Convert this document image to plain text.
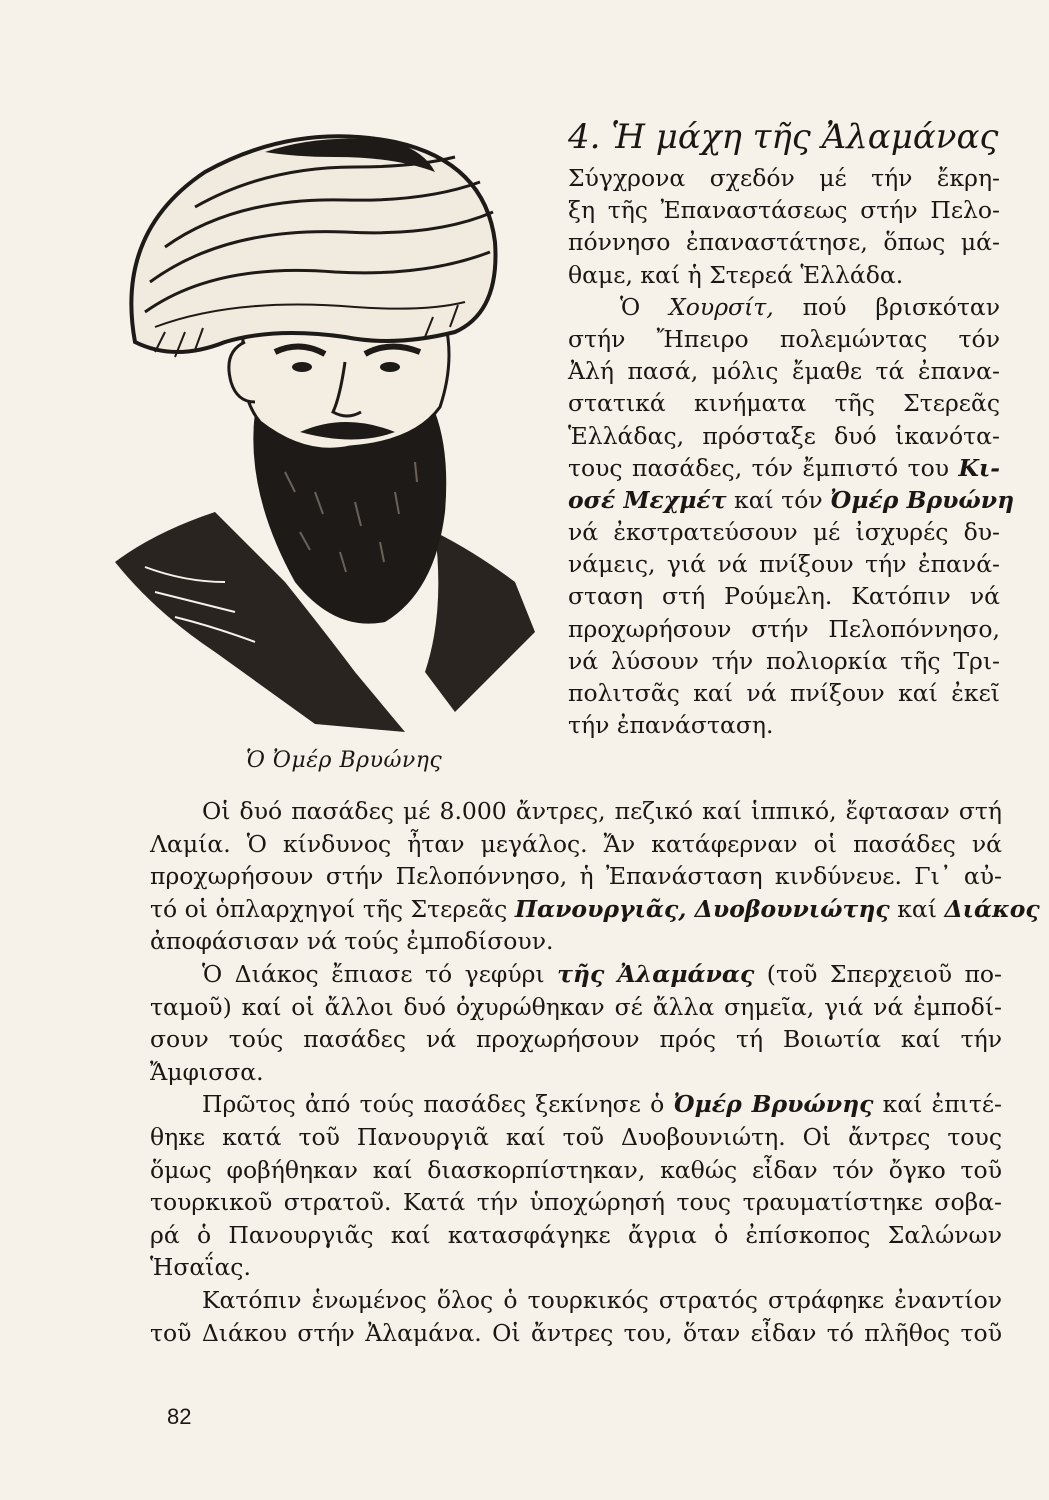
Ὁ Ὀμέρ Βρυώνης
4. Ἡ μάχη τῆς Ἀλαμάνας
Σύγχρονα σχεδόν μέ τήν ἔκρη-
ξη τῆς Ἐπαναστάσεως στήν Πελο-
πόννησο ἐπαναστάτησε, ὅπως μά-
θαμε, καί ἡ Στερεά Ἑλλάδα.
Ὁ Χουρσίτ, πού βρισκόταν
στήν Ἤπειρο πολεμώντας τόν
Ἀλή πασά, μόλις ἔμαθε τά ἐπανα-
στατικά κινήματα τῆς Στερεᾶς
Ἑλλάδας, πρόσταξε δυό ἱκανότα-
τους πασάδες, τόν ἔμπιστό του Κι-
οσέ Μεχμέτ καί τόν Ὀμέρ Βρυώνη
νά ἐκστρατεύσουν μέ ἰσχυρές δυ-
νάμεις, γιά νά πνίξουν τήν ἐπανά-
σταση στή Ρούμελη. Κατόπιν νά
προχωρήσουν στήν Πελοπόννησο,
νά λύσουν τήν πολιορκία τῆς Τρι-
πολιτσᾶς καί νά πνίξουν καί ἐκεῖ
τήν ἐπανάσταση.
Οἱ δυό πασάδες μέ 8.000 ἄντρες, πεζικό καί ἱππικό, ἔφτασαν στή
Λαμία. Ὁ κίνδυνος ἦταν μεγάλος. Ἄν κατάφερναν οἱ πασάδες νά
προχωρήσουν στήν Πελοπόννησο, ἡ Ἐπανάσταση κινδύνευε. Γι᾽ αὐ-
τό οἱ ὁπλαρχηγοί τῆς Στερεᾶς Πανουργιᾶς, Δυοβουνιώτης καί Διάκος
ἀποφάσισαν νά τούς ἐμποδίσουν.
Ὁ Διάκος ἔπιασε τό γεφύρι τῆς Ἀλαμάνας (τοῦ Σπερχειοῦ πο-
ταμοῦ) καί οἱ ἄλλοι δυό ὀχυρώθηκαν σέ ἄλλα σημεῖα, γιά νά ἐμποδί-
σουν τούς πασάδες νά προχωρήσουν πρός τή Βοιωτία καί τήν
Ἄμφισσα.
Πρῶτος ἀπό τούς πασάδες ξεκίνησε ὁ Ὀμέρ Βρυώνης καί ἐπιτέ-
θηκε κατά τοῦ Πανουργιᾶ καί τοῦ Δυοβουνιώτη. Οἱ ἄντρες τους
ὅμως φοβήθηκαν καί διασκορπίστηκαν, καθώς εἶδαν τόν ὄγκο τοῦ
τουρκικοῦ στρατοῦ. Κατά τήν ὑποχώρησή τους τραυματίστηκε σοβα-
ρά ὁ Πανουργιᾶς καί κατασφάγηκε ἄγρια ὁ ἐπίσκοπος Σαλώνων
Ἡσαΐας.
Κατόπιν ἑνωμένος ὅλος ὁ τουρκικός στρατός στράφηκε ἐναντίον
τοῦ Διάκου στήν Ἀλαμάνα. Οἱ ἄντρες του, ὅταν εἶδαν τό πλῆθος τοῦ
82
